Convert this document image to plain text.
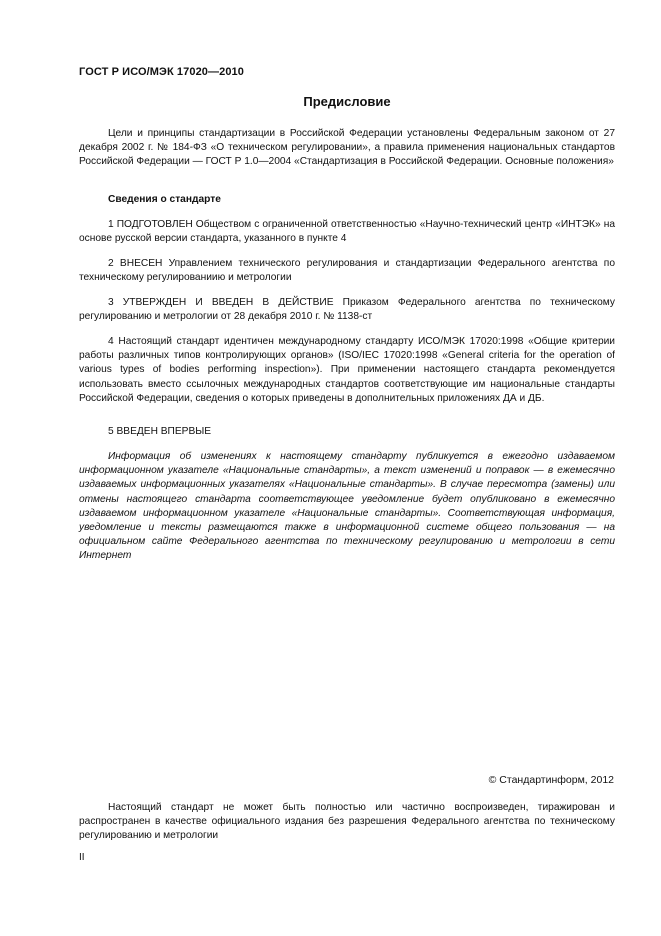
ГОСТ Р ИСО/МЭК 17020—2010
Предисловие

Цели и принципы стандартизации в Российской Федерации установлены Федеральным законом от 27 декабря 2002 г. № 184-ФЗ «О техническом регулировании», а правила применения национальных стандартов Российской Федерации — ГОСТ Р 1.0—2004 «Стандартизация в Российской Федерации. Основные положения»

Сведения о стандарте

1 ПОДГОТОВЛЕН Обществом с ограниченной ответственностью «Научно-технический центр «ИНТЭК» на основе русской версии стандарта, указанного в пункте 4

2 ВНЕСЕН Управлением технического регулирования и стандартизации Федерального агентства по техническому регулированиию и метрологии

3 УТВЕРЖДЕН И ВВЕДЕН В ДЕЙСТВИЕ Приказом Федерального агентства по техническому регулированию и метрологии от 28 декабря 2010 г. № 1138-ст

4 Настоящий стандарт идентичен международному стандарту ИСО/МЭК 17020:1998 «Общие критерии работы различных типов контролирующих органов» (ISO/IEC 17020:1998 «General criteria for the operation of various types of bodies performing inspection»). При применении настоящего стандарта рекомендуется использовать вместо ссылочных международных стандартов соответствующие им национальные стандарты Российской Федерации, сведения о которых приведены в дополнительных приложениях ДА и ДБ.

5 ВВЕДЕН ВПЕРВЫЕ

Информация об изменениях к настоящему стандарту публикуется в ежегодно издаваемом информационном указателе «Национальные стандарты», а текст изменений и поправок — в ежемесячно издаваемых информационных указателях «Национальные стандарты». В случае пересмотра (замены) или отмены настоящего стандарта соответствующее уведомление будет опубликовано в ежемесячно издаваемом информационном указателе «Национальные стандарты». Соответствующая информация, уведомление и тексты размещаются также в информационной системе общего пользования — на официальном сайте Федерального агентства по техническому регулированию и метрологии в сети Интернет

© Стандартинформ, 2012

Настоящий стандарт не может быть полностью или частично воспроизведен, тиражирован и распространен в качестве официального издания без разрешения Федерального агентства по техническому регулированию и метрологии

II
